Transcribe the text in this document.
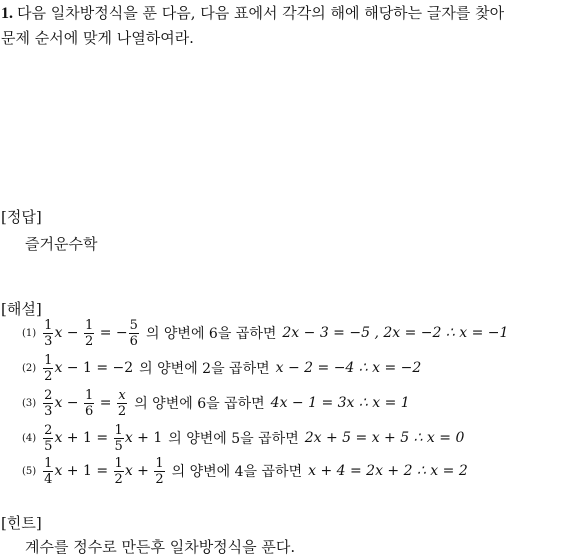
1. 다음 일차방정식을 푼 다음, 다음 표에서 각각의 해에 해당하는 글자를 찾아
문제 순서에 맞게 나열하여라.
[정답]
즐거운수학
[해설]
$(1) \frac{1}{3}$ $x - \frac{1}{2}$ = − $\frac{5}{6}$ 의 양변에 6을 곱하면 2x − 3 = −5 , 2x = −2 ∴ x = −1
$(2) \frac{1}{2}$ x − 1 = −2 의 양변에 2을 곱하면 x − 2 = −4 ∴ x = −2
$(3) \frac{2}{3}$ $x - \frac{1}{6} = \frac{x}{2}$ 의 양변에 6을 곱하면 4x − 1 = 3x ∴ x = 1
$(4) \frac{2}{5}$ $x + 1 = \frac{1}{5}$ x + 1 의 양변에 5을 곱하면 2x + 5 = x + 5 ∴ x = 0
$(5) \frac{1}{4}$ $x + 1 = \frac{1}{2}$ $x + \frac{1}{2}$ 의 양변에 4을 곱하면 x + 4 = 2x + 2 ∴ x = 2
[힌트]
계수를 정수로 만든후 일차방정식을 푼다.
